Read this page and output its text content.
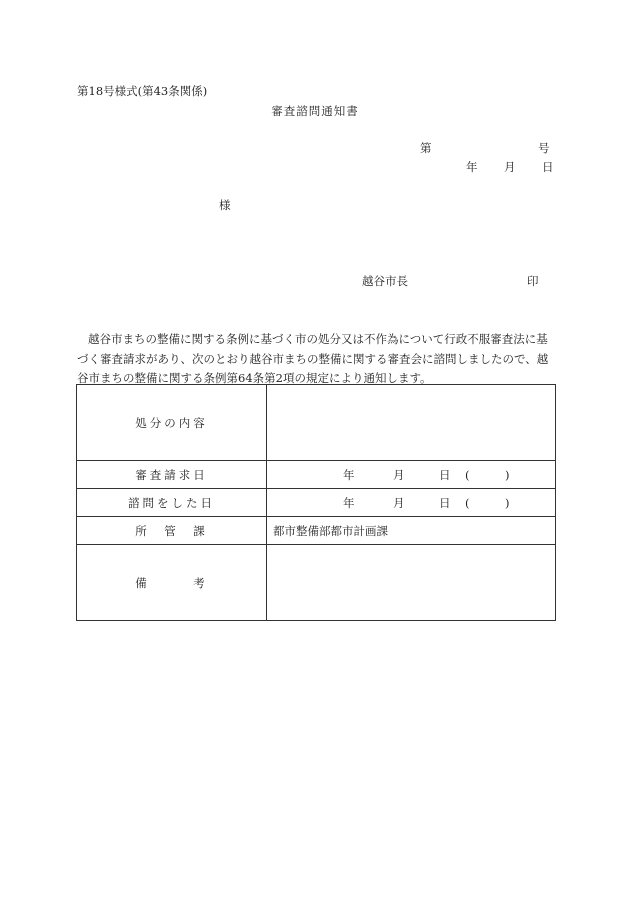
第18号様式(第43条関係)
審査諮問通知書
第	号
年 月 日
様
越谷市長	印
越谷市まちの整備に関する条例に基づく市の処分又は不作為について行政不服審査法に基づく審査請求があり、次のとおり越谷市まちの整備に関する審査会に諮問しましたので、越谷市まちの整備に関する条例第64条第2項の規定により通知します。
処分の内容	
審査請求日	年 月 日 ( )
諮問をした日	年 月 日 ( )
所　管　課	都市整備部都市計画課
備　　　考	
